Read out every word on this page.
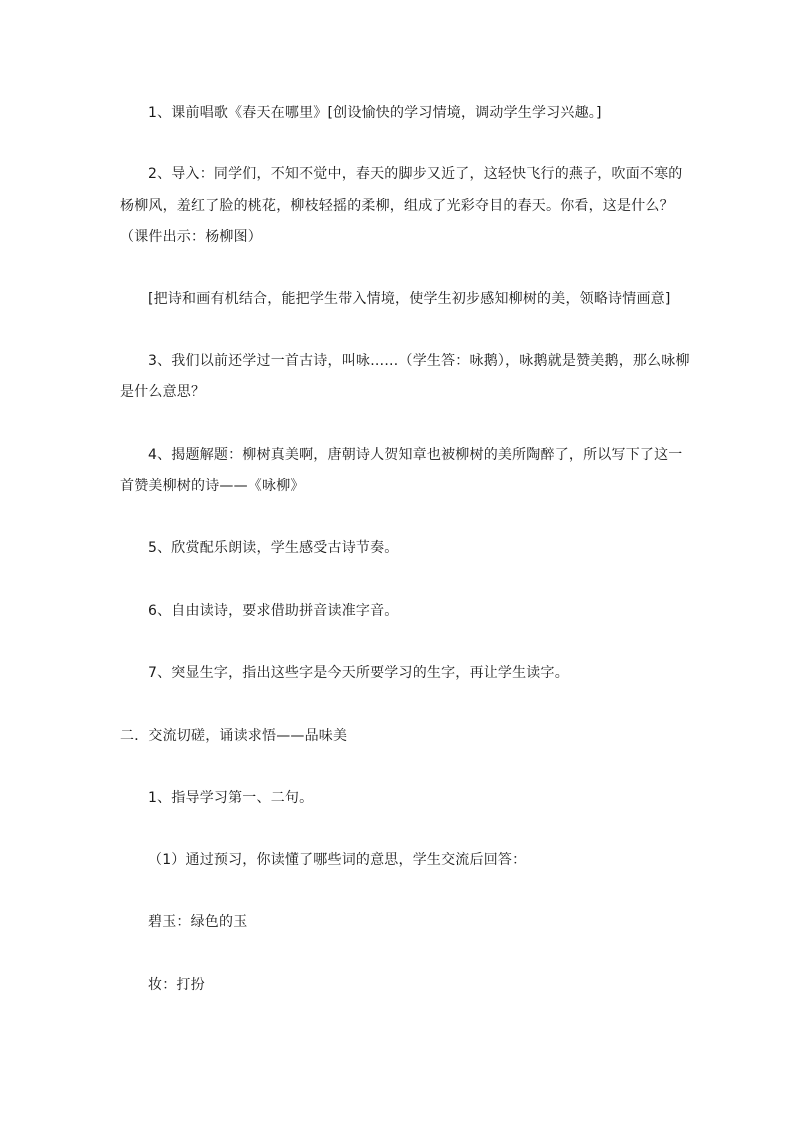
1、课前唱歌《春天在哪里》[创设愉快的学习情境，调动学生学习兴趣。]
2、导入：同学们，不知不觉中，春天的脚步又近了，这轻快飞行的燕子，吹面不寒的
杨柳风，羞红了脸的桃花，柳枝轻摇的柔柳，组成了光彩夺目的春天。你看，这是什么？
（课件出示：杨柳图）
[把诗和画有机结合，能把学生带入情境，使学生初步感知柳树的美，领略诗情画意]
3、我们以前还学过一首古诗，叫咏……（学生答：咏鹅），咏鹅就是赞美鹅，那么咏柳
是什么意思？
4、揭题解题：柳树真美啊，唐朝诗人贺知章也被柳树的美所陶醉了，所以写下了这一
首赞美柳树的诗——《咏柳》
5、欣赏配乐朗读，学生感受古诗节奏。
6、自由读诗，要求借助拼音读准字音。
7、突显生字，指出这些字是今天所要学习的生字，再让学生读字。
二．交流切磋，诵读求悟——品味美
1、指导学习第一、二句。
（1）通过预习，你读懂了哪些词的意思，学生交流后回答：
碧玉：绿色的玉
妆：打扮
